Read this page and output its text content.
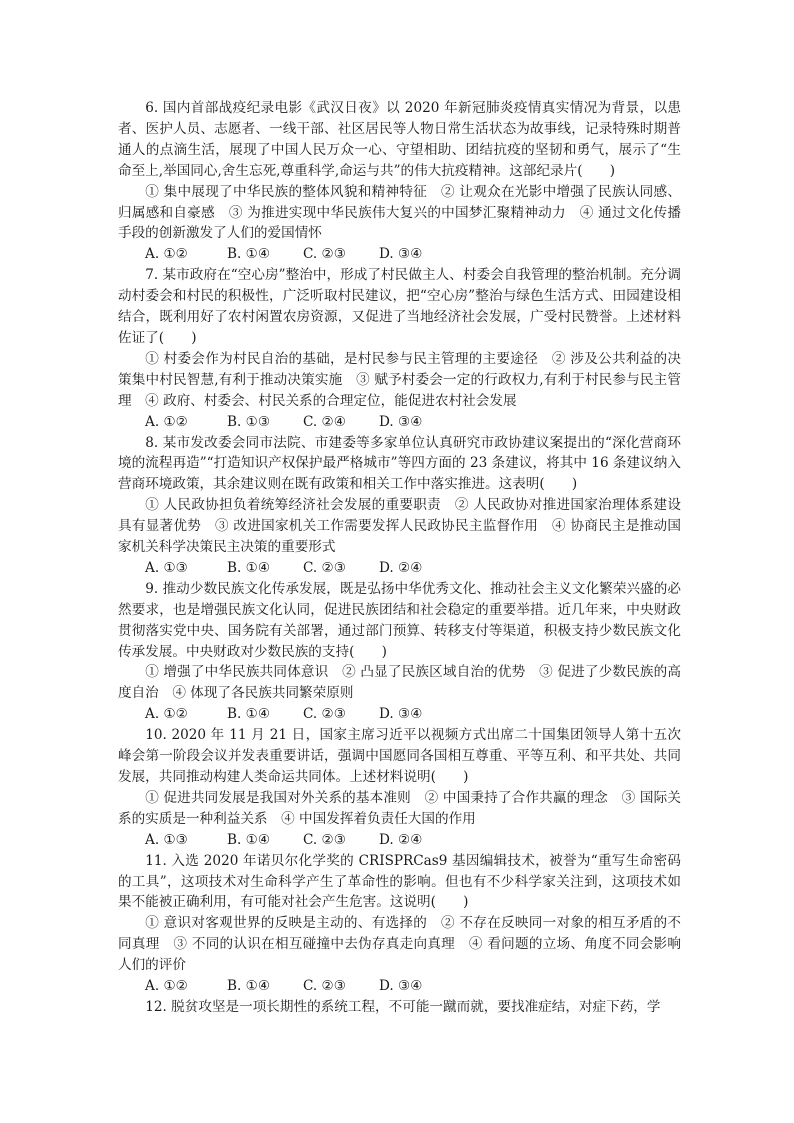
6. 国内首部战疫纪录电影《武汉日夜》以 2020 年新冠肺炎疫情真实情况为背景，以患者、医护人员、志愿者、一线干部、社区居民等人物日常生活状态为故事线，记录特殊时期普通人的点滴生活，展现了中国人民万众一心、守望相助、团结抗疫的坚韧和勇气，展示了“生命至上,举国同心,舍生忘死,尊重科学,命运与共”的伟大抗疫精神。这部纪录片(　　)

① 集中展现了中华民族的整体风貌和精神特征　② 让观众在光影中增强了民族认同感、归属感和自豪感　③ 为推进实现中华民族伟大复兴的中国梦汇聚精神动力　④ 通过文化传播手段的创新激发了人们的爱国情怀

A. ①②	B. ①④ C. ②③ D. ③④

7. 某市政府在“空心房”整治中，形成了村民做主人、村委会自我管理的整治机制。充分调动村委会和村民的积极性，广泛听取村民建议，把“空心房”整治与绿色生活方式、田园建设相结合，既利用好了农村闲置农房资源，又促进了当地经济社会发展，广受村民赞誉。上述材料佐证了(　　)

① 村委会作为村民自治的基础，是村民参与民主管理的主要途径　② 涉及公共利益的决策集中村民智慧,有利于推动决策实施　③ 赋予村委会一定的行政权力,有利于村民参与民主管理　④ 政府、村委会、村民关系的合理定位，能促进农村社会发展

A. ①②	B. ①③ C. ②④ D. ③④

8. 某市发改委会同市法院、市建委等多家单位认真研究市政协建议案提出的“深化营商环境的流程再造”“打造知识产权保护最严格城市”等四方面的 23 条建议，将其中 16 条建议纳入营商环境政策，其余建议则在既有政策和相关工作中落实推进。这表明(　　)

① 人民政协担负着统筹经济社会发展的重要职责　② 人民政协对推进国家治理体系建设具有显著优势　③ 改进国家机关工作需要发挥人民政协民主监督作用　④ 协商民主是推动国家机关科学决策民主决策的重要形式

A. ①③	B. ①④ C. ②③ D. ②④

9. 推动少数民族文化传承发展，既是弘扬中华优秀文化、推动社会主义文化繁荣兴盛的必然要求，也是增强民族文化认同，促进民族团结和社会稳定的重要举措。近几年来，中央财政贯彻落实党中央、国务院有关部署，通过部门预算、转移支付等渠道，积极支持少数民族文化传承发展。中央财政对少数民族的支持(　　)

① 增强了中华民族共同体意识　② 凸显了民族区域自治的优势　③ 促进了少数民族的高度自治　④ 体现了各民族共同繁荣原则

A. ①②	B. ①④ C. ②③ D. ③④

10. 2020 年 11 月 21 日，国家主席习近平以视频方式出席二十国集团领导人第十五次峰会第一阶段会议并发表重要讲话，强调中国愿同各国相互尊重、平等互利、和平共处、共同发展，共同推动构建人类命运共同体。上述材料说明(　　)

① 促进共同发展是我国对外关系的基本准则　② 中国秉持了合作共赢的理念　③ 国际关系的实质是一种利益关系　④ 中国发挥着负责任大国的作用

A. ①③	B. ①④ C. ②③ D. ②④

11. 入选 2020 年诺贝尔化学奖的 CRISPRCas9 基因编辑技术，被誉为“重写生命密码的工具”，这项技术对生命科学产生了革命性的影响。但也有不少科学家关注到，这项技术如果不能被正确利用，有可能对社会产生危害。这说明(　　)

① 意识对客观世界的反映是主动的、有选择的　② 不存在反映同一对象的相互矛盾的不同真理　③ 不同的认识在相互碰撞中去伪存真走向真理　④ 看问题的立场、角度不同会影响人们的评价

A. ①②	B. ①④ C. ②③ D. ③④

12. 脱贫攻坚是一项长期性的系统工程，不可能一蹴而就，要找准症结，对症下药，学
